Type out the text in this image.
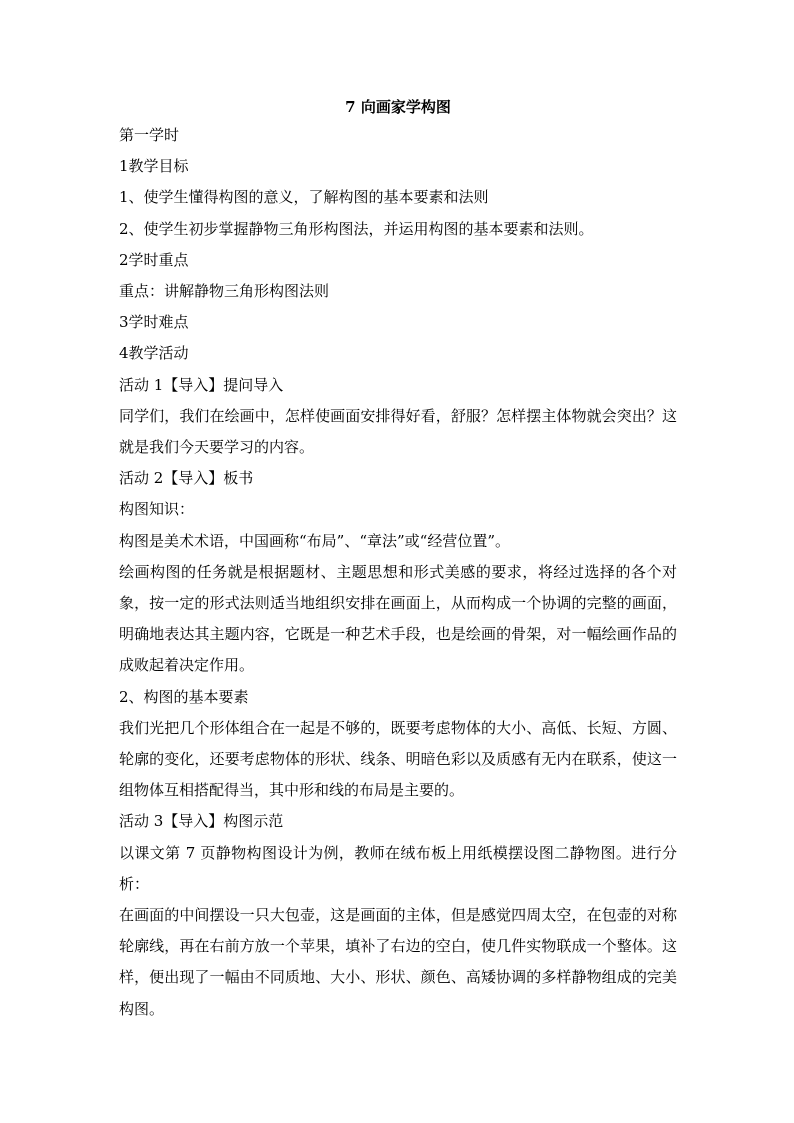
7 向画家学构图

第一学时

1教学目标

1、使学生懂得构图的意义，了解构图的基本要素和法则

2、使学生初步掌握静物三角形构图法，并运用构图的基本要素和法则。

2学时重点

重点：讲解静物三角形构图法则

3学时难点

4教学活动

活动 1【导入】提问导入

同学们，我们在绘画中，怎样使画面安排得好看，舒服？怎样摆主体物就会突出？这就是我们今天要学习的内容。

活动 2【导入】板书

构图知识：

构图是美术术语，中国画称“布局”、“章法”或“经营位置”。

绘画构图的任务就是根据题材、主题思想和形式美感的要求，将经过选择的各个对象，按一定的形式法则适当地组织安排在画面上，从而构成一个协调的完整的画面，明确地表达其主题内容，它既是一种艺术手段，也是绘画的骨架，对一幅绘画作品的成败起着决定作用。

2、构图的基本要素

我们光把几个形体组合在一起是不够的，既要考虑物体的大小、高低、长短、方圆、轮廓的变化，还要考虑物体的形状、线条、明暗色彩以及质感有无内在联系，使这一组物体互相搭配得当，其中形和线的布局是主要的。

活动 3【导入】构图示范

以课文第 7 页静物构图设计为例，教师在绒布板上用纸模摆设图二静物图。进行分析：

在画面的中间摆设一只大包壶，这是画面的主体，但是感觉四周太空，在包壶的对称轮廓线，再在右前方放一个苹果，填补了右边的空白，使几件实物联成一个整体。这样，便出现了一幅由不同质地、大小、形状、颜色、高矮协调的多样静物组成的完美构图。
